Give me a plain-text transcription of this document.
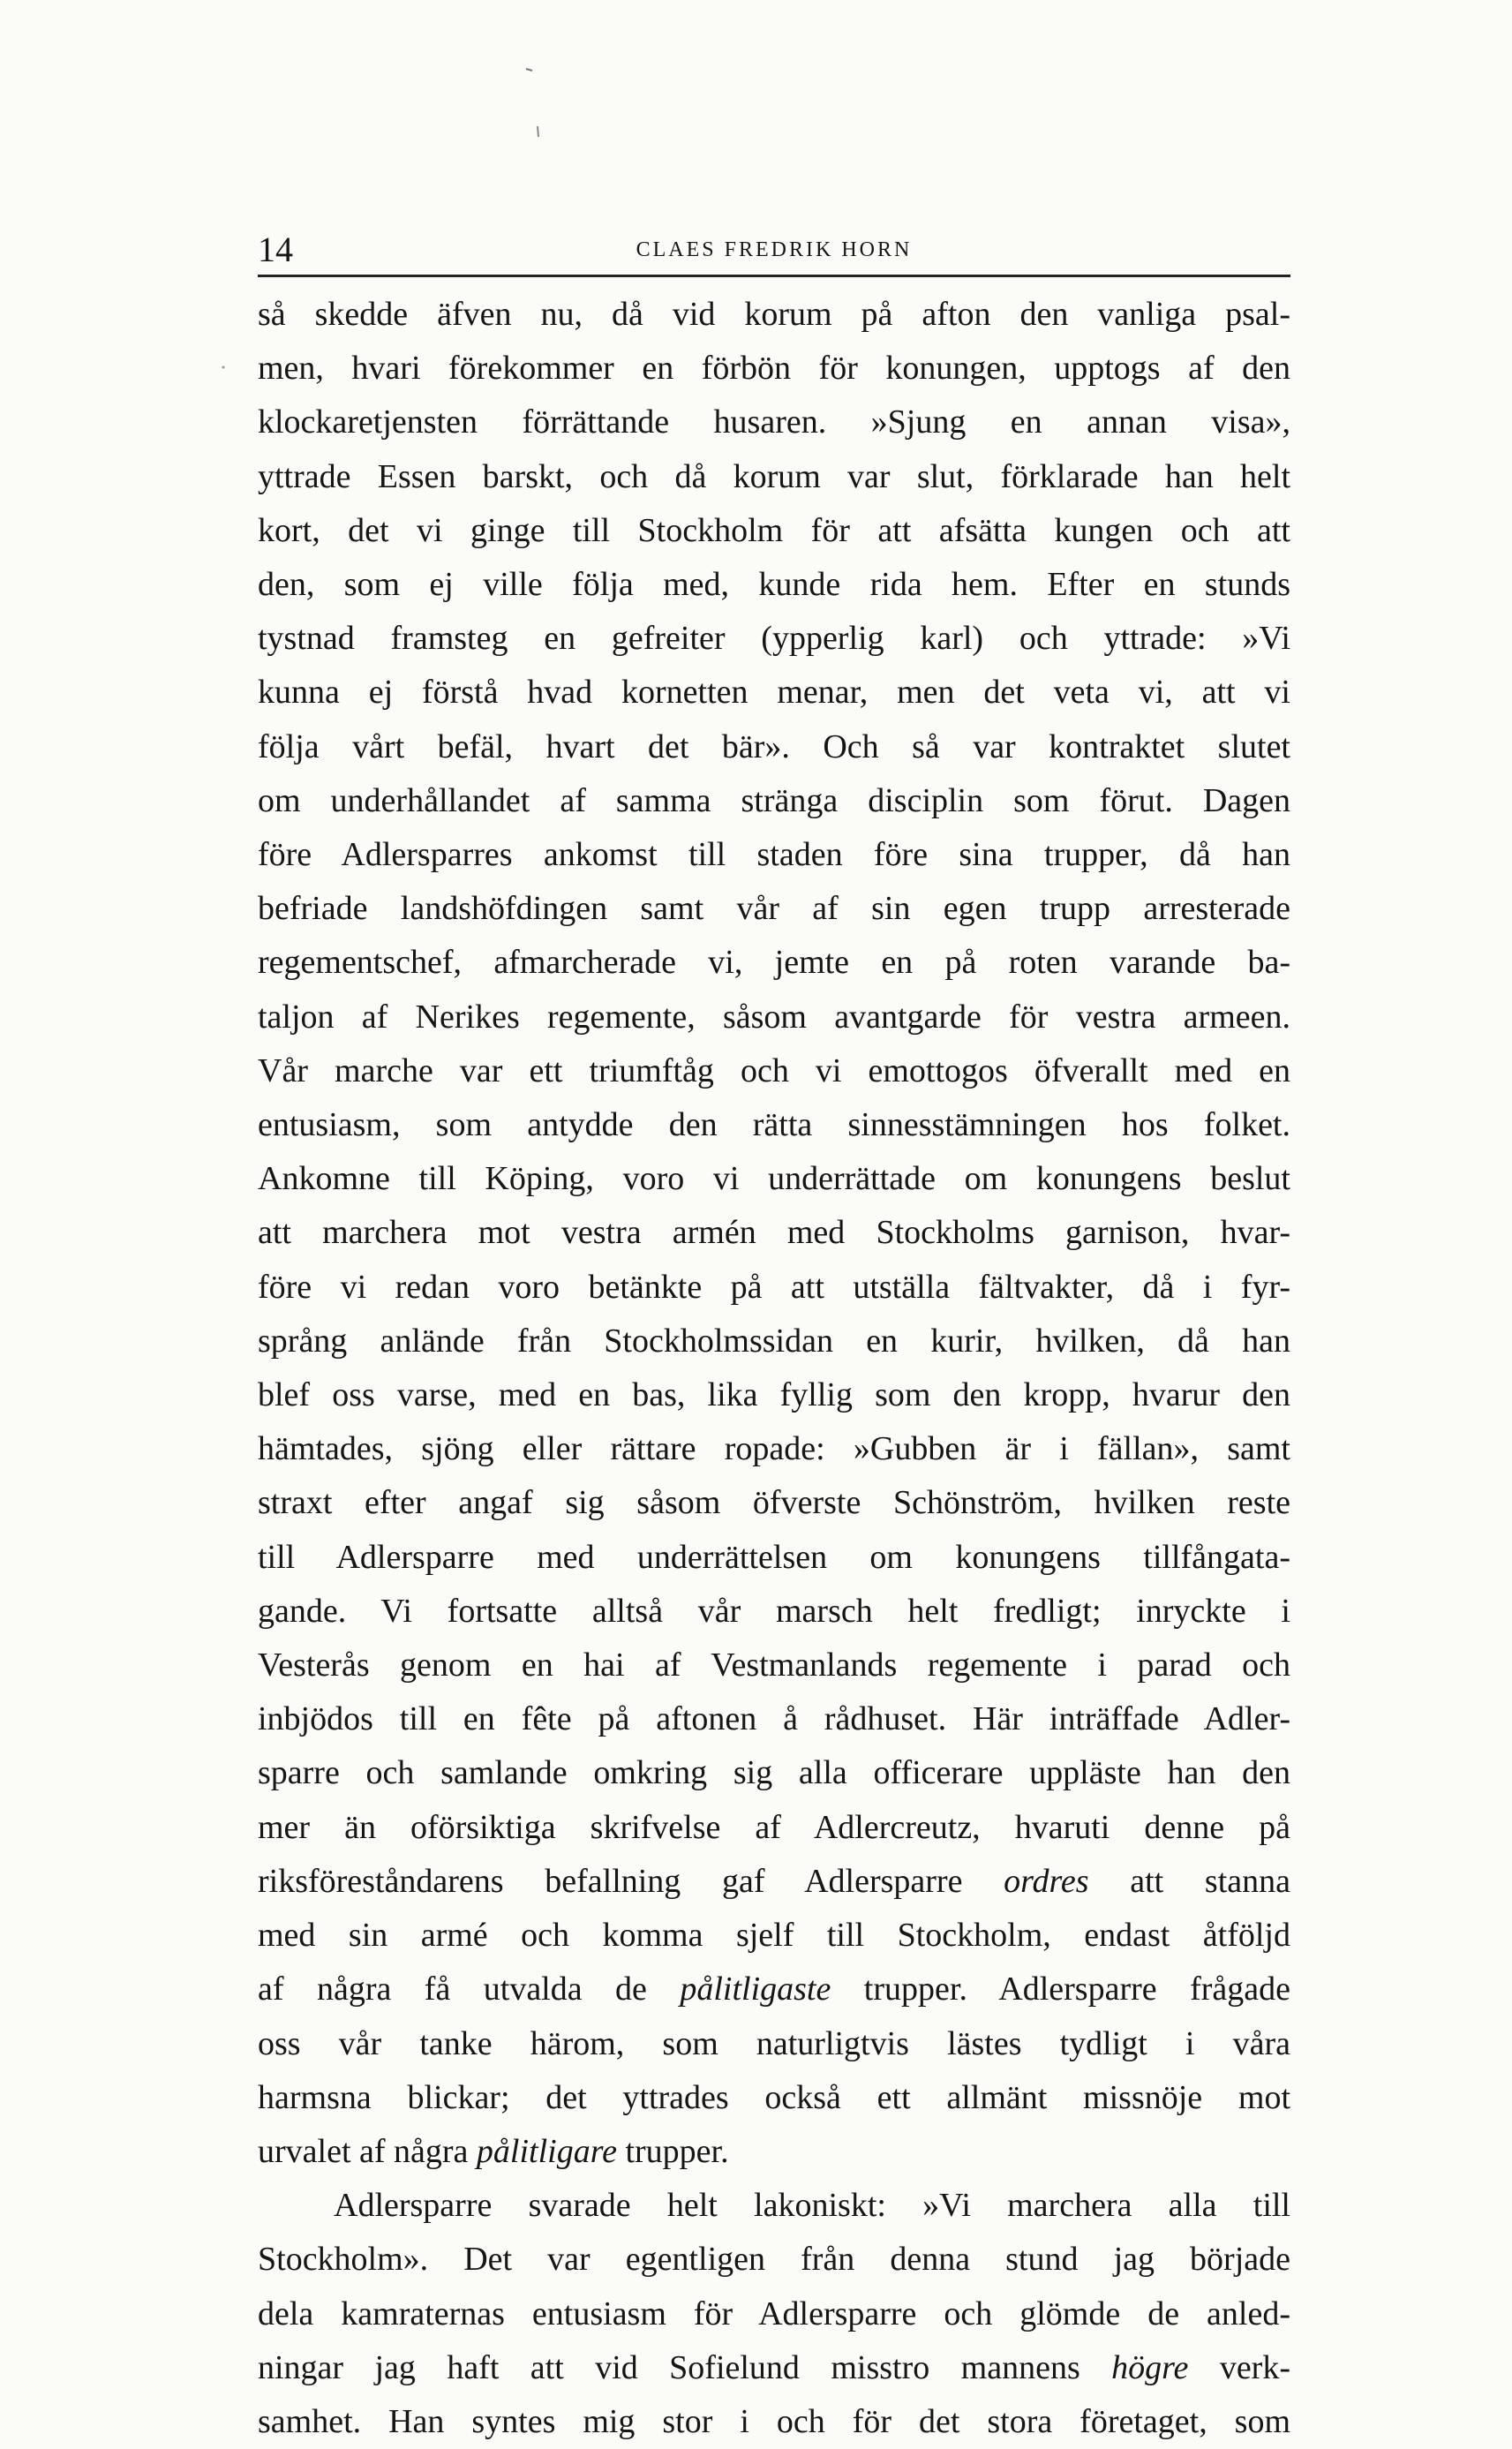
14	CLAES FREDRIK HORN
så skedde äfven nu, då vid korum på afton den vanliga psal-
men, hvari förekommer en förbön för konungen, upptogs af den
klockaretjensten förrättande husaren. »Sjung en annan visa»,
yttrade Essen barskt, och då korum var slut, förklarade han helt
kort, det vi ginge till Stockholm för att afsätta kungen och att
den, som ej ville följa med, kunde rida hem. Efter en stunds
tystnad framsteg en gefreiter (ypperlig karl) och yttrade: »Vi
kunna ej förstå hvad kornetten menar, men det veta vi, att vi
följa vårt befäl, hvart det bär». Och så var kontraktet slutet
om underhållandet af samma stränga disciplin som förut. Dagen
före Adlersparres ankomst till staden före sina trupper, då han
befriade landshöfdingen samt vår af sin egen trupp arresterade
regementschef, afmarcherade vi, jemte en på roten varande ba-
taljon af Nerikes regemente, såsom avantgarde för vestra armeen.
Vår marche var ett triumftåg och vi emottogos öfverallt med en
entusiasm, som antydde den rätta sinnesstämningen hos folket.
Ankomne till Köping, voro vi underrättade om konungens beslut
att marchera mot vestra armén med Stockholms garnison, hvar-
före vi redan voro betänkte på att utställa fältvakter, då i fyr-
språng anlände från Stockholmssidan en kurir, hvilken, då han
blef oss varse, med en bas, lika fyllig som den kropp, hvarur den
hämtades, sjöng eller rättare ropade: »Gubben är i fällan», samt
straxt efter angaf sig såsom öfverste Schönström, hvilken reste
till Adlersparre med underrättelsen om konungens tillfångata-
gande. Vi fortsatte alltså vår marsch helt fredligt; inryckte i
Vesterås genom en hai af Vestmanlands regemente i parad och
inbjödos till en fête på aftonen å rådhuset. Här inträffade Adler-
sparre och samlande omkring sig alla officerare uppläste han den
mer än oförsiktiga skrifvelse af Adlercreutz, hvaruti denne på
riksföreståndarens befallning gaf Adlersparre ordres att stanna
med sin armé och komma sjelf till Stockholm, endast åtföljd
af några få utvalda de pålitligaste trupper. Adlersparre frågade
oss vår tanke härom, som naturligtvis lästes tydligt i våra
harmsna blickar; det yttrades också ett allmänt missnöje mot
urvalet af några pålitligare trupper.
Adlersparre svarade helt lakoniskt: »Vi marchera alla till
Stockholm». Det var egentligen från denna stund jag började
dela kamraternas entusiasm för Adlersparre och glömde de anled-
ningar jag haft att vid Sofielund misstro mannens högre verk-
samhet. Han syntes mig stor i och för det stora företaget, som
